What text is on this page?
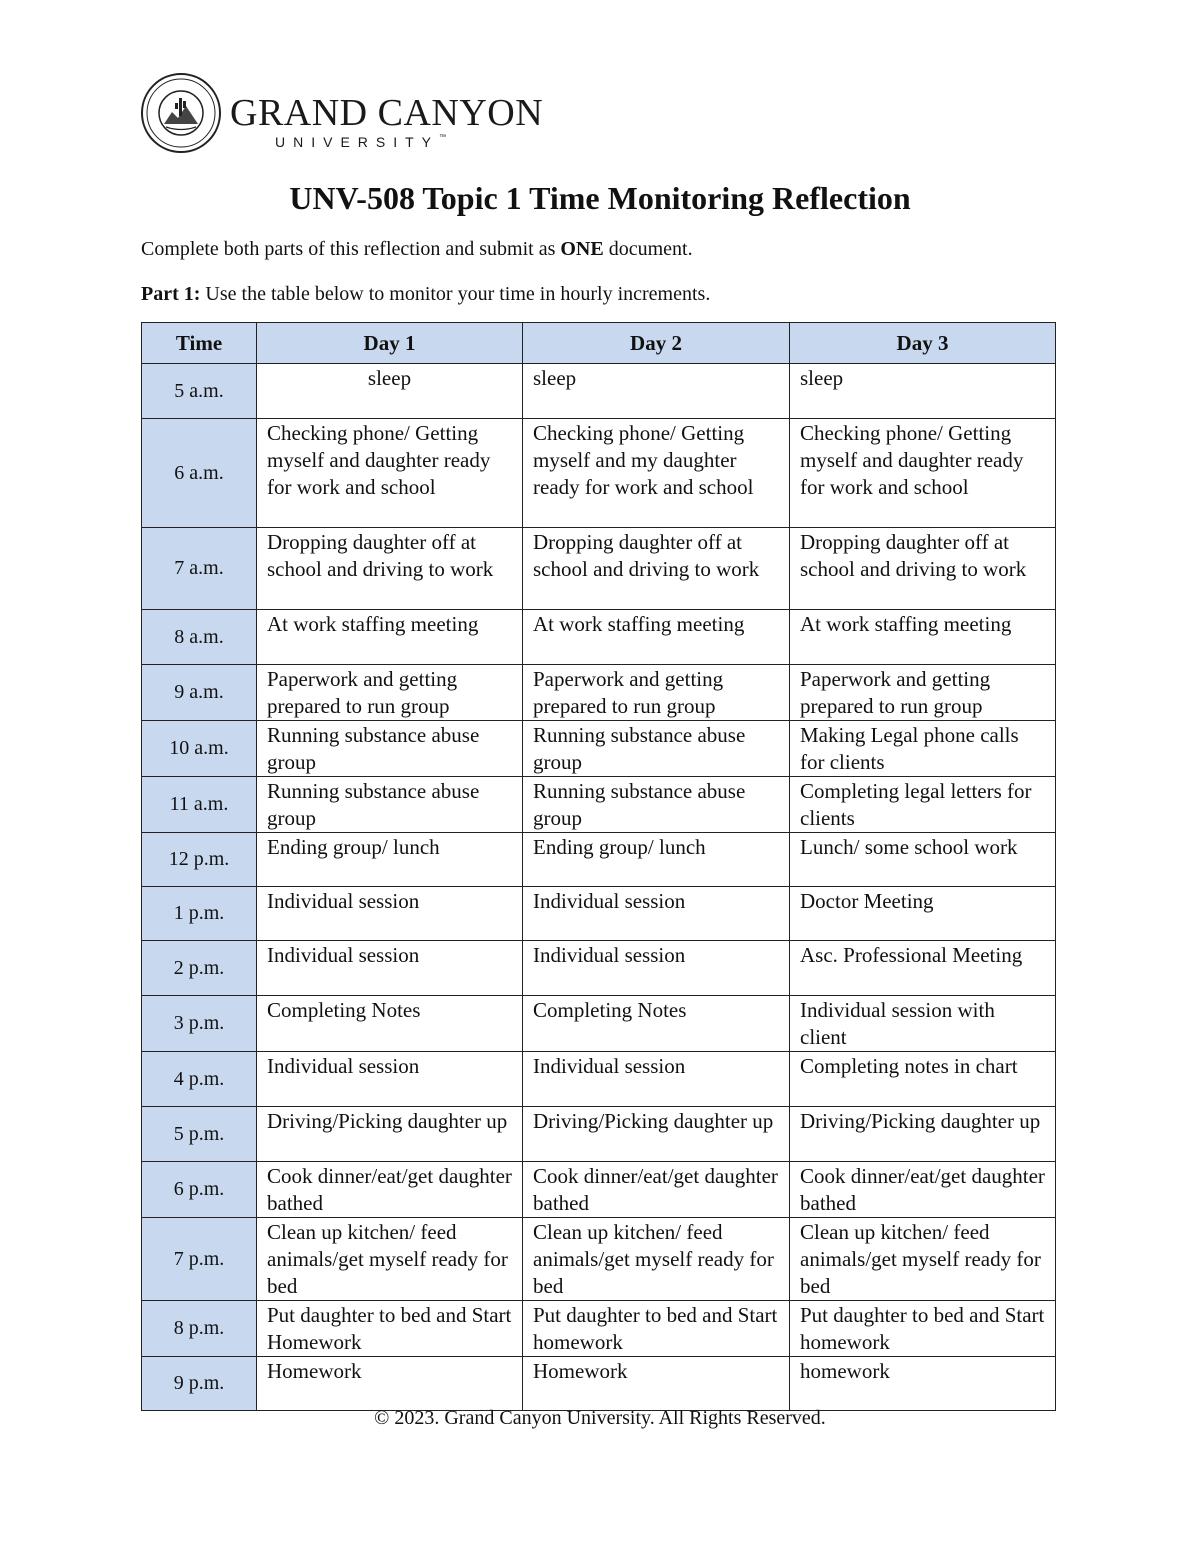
GRAND CANYON
UNIVERSITY™
UNV-508 Topic 1 Time Monitoring Reflection
Complete both parts of this reflection and submit as ONE document.
Part 1: Use the table below to monitor your time in hourly increments.
Time	Day 1	Day 2	Day 3
5 a.m.	sleep	sleep	sleep
6 a.m.	Checking phone/ Getting myself and daughter ready for work and school	Checking phone/ Getting myself and my daughter ready for work and school	Checking phone/ Getting myself and daughter ready for work and school
7 a.m.	Dropping daughter off at school and driving to work	Dropping daughter off at school and driving to work	Dropping daughter off at school and driving to work
8 a.m.	At work staffing meeting	At work staffing meeting	At work staffing meeting
9 a.m.	Paperwork and getting prepared to run group	Paperwork and getting prepared to run group	Paperwork and getting prepared to run group
10 a.m.	Running substance abuse group	Running substance abuse group	Making Legal phone calls for clients
11 a.m.	Running substance abuse group	Running substance abuse group	Completing legal letters for clients
12 p.m.	Ending group/ lunch	Ending group/ lunch	Lunch/ some school work
1 p.m.	Individual session	Individual session	Doctor Meeting
2 p.m.	Individual session	Individual session	Asc. Professional Meeting
3 p.m.	Completing Notes	Completing Notes	Individual session with client
4 p.m.	Individual session	Individual session	Completing notes in chart
5 p.m.	Driving/Picking daughter up	Driving/Picking daughter up	Driving/Picking daughter up
6 p.m.	Cook dinner/eat/get daughter bathed	Cook dinner/eat/get daughter bathed	Cook dinner/eat/get daughter bathed
7 p.m.	Clean up kitchen/ feed animals/get myself ready for bed	Clean up kitchen/ feed animals/get myself ready for bed	Clean up kitchen/ feed animals/get myself ready for bed
8 p.m.	Put daughter to bed and Start Homework	Put daughter to bed and Start homework	Put daughter to bed and Start homework
9 p.m.	Homework	Homework	homework
© 2023. Grand Canyon University. All Rights Reserved.
